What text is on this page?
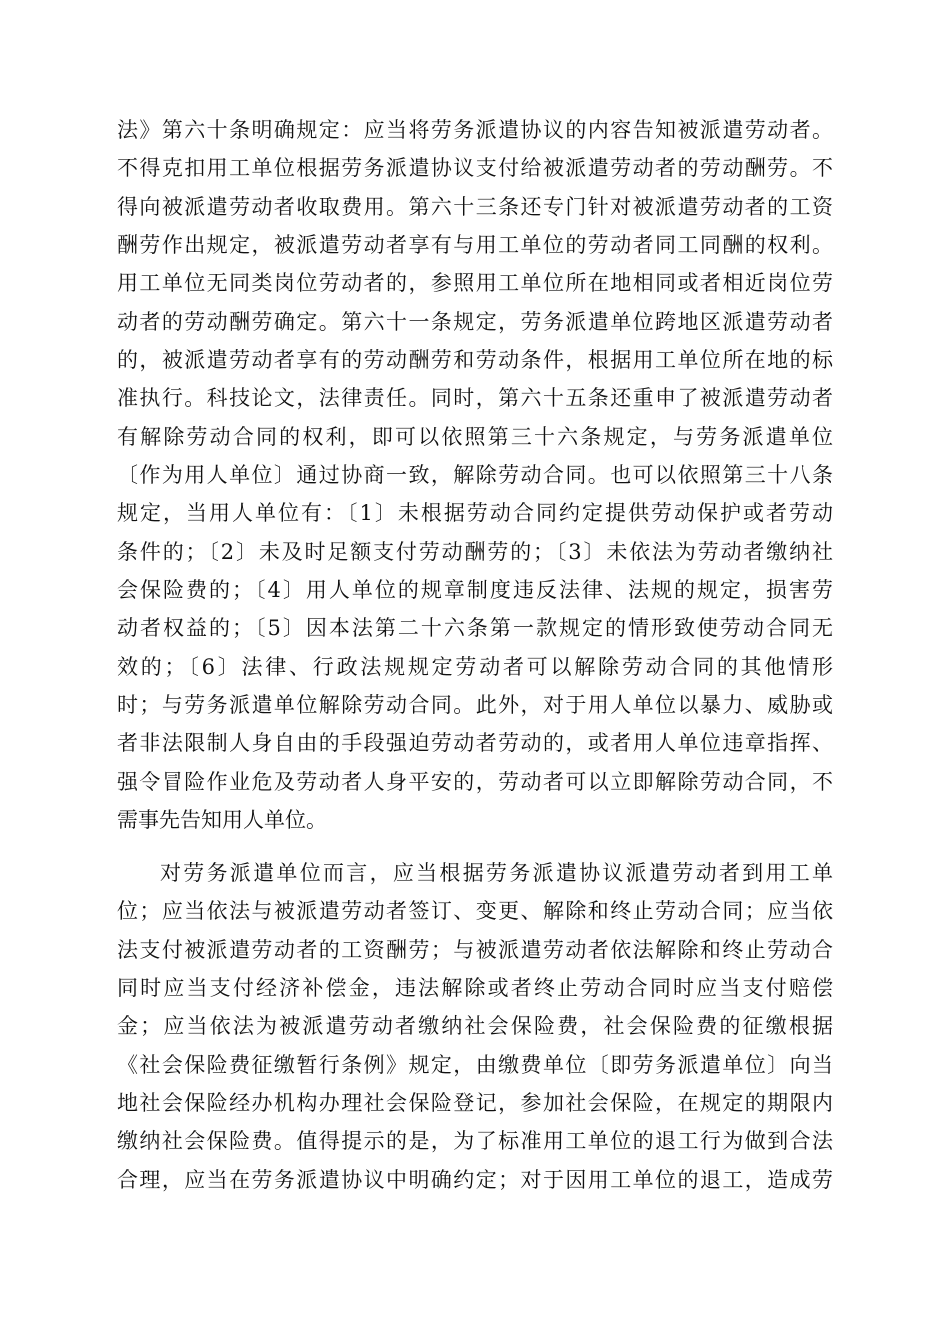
法》第六十条明确规定：应当将劳务派遣协议的内容告知被派遣劳动者。
不得克扣用工单位根据劳务派遣协议支付给被派遣劳动者的劳动酬劳。不
得向被派遣劳动者收取费用。第六十三条还专门针对被派遣劳动者的工资
酬劳作出规定，被派遣劳动者享有与用工单位的劳动者同工同酬的权利。
用工单位无同类岗位劳动者的，参照用工单位所在地相同或者相近岗位劳
动者的劳动酬劳确定。第六十一条规定，劳务派遣单位跨地区派遣劳动者
的，被派遣劳动者享有的劳动酬劳和劳动条件，根据用工单位所在地的标
准执行。科技论文，法律责任。同时，第六十五条还重申了被派遣劳动者
有解除劳动合同的权利，即可以依照第三十六条规定，与劳务派遣单位
〔作为用人单位〕通过协商一致，解除劳动合同。也可以依照第三十八条
规定，当用人单位有：〔1〕未根据劳动合同约定提供劳动保护或者劳动
条件的；〔2〕未及时足额支付劳动酬劳的；〔3〕未依法为劳动者缴纳社
会保险费的；〔4〕用人单位的规章制度违反法律、法规的规定，损害劳
动者权益的；〔5〕因本法第二十六条第一款规定的情形致使劳动合同无
效的；〔6〕法律、行政法规规定劳动者可以解除劳动合同的其他情形
时；与劳务派遣单位解除劳动合同。此外，对于用人单位以暴力、威胁或
者非法限制人身自由的手段强迫劳动者劳动的，或者用人单位违章指挥、
强令冒险作业危及劳动者人身平安的，劳动者可以立即解除劳动合同，不
需事先告知用人单位。
对劳务派遣单位而言，应当根据劳务派遣协议派遣劳动者到用工单
位；应当依法与被派遣劳动者签订、变更、解除和终止劳动合同；应当依
法支付被派遣劳动者的工资酬劳；与被派遣劳动者依法解除和终止劳动合
同时应当支付经济补偿金，违法解除或者终止劳动合同时应当支付赔偿
金；应当依法为被派遣劳动者缴纳社会保险费，社会保险费的征缴根据
《社会保险费征缴暂行条例》规定，由缴费单位〔即劳务派遣单位〕向当
地社会保险经办机构办理社会保险登记，参加社会保险，在规定的期限内
缴纳社会保险费。值得提示的是，为了标准用工单位的退工行为做到合法
合理，应当在劳务派遣协议中明确约定；对于因用工单位的退工，造成劳
